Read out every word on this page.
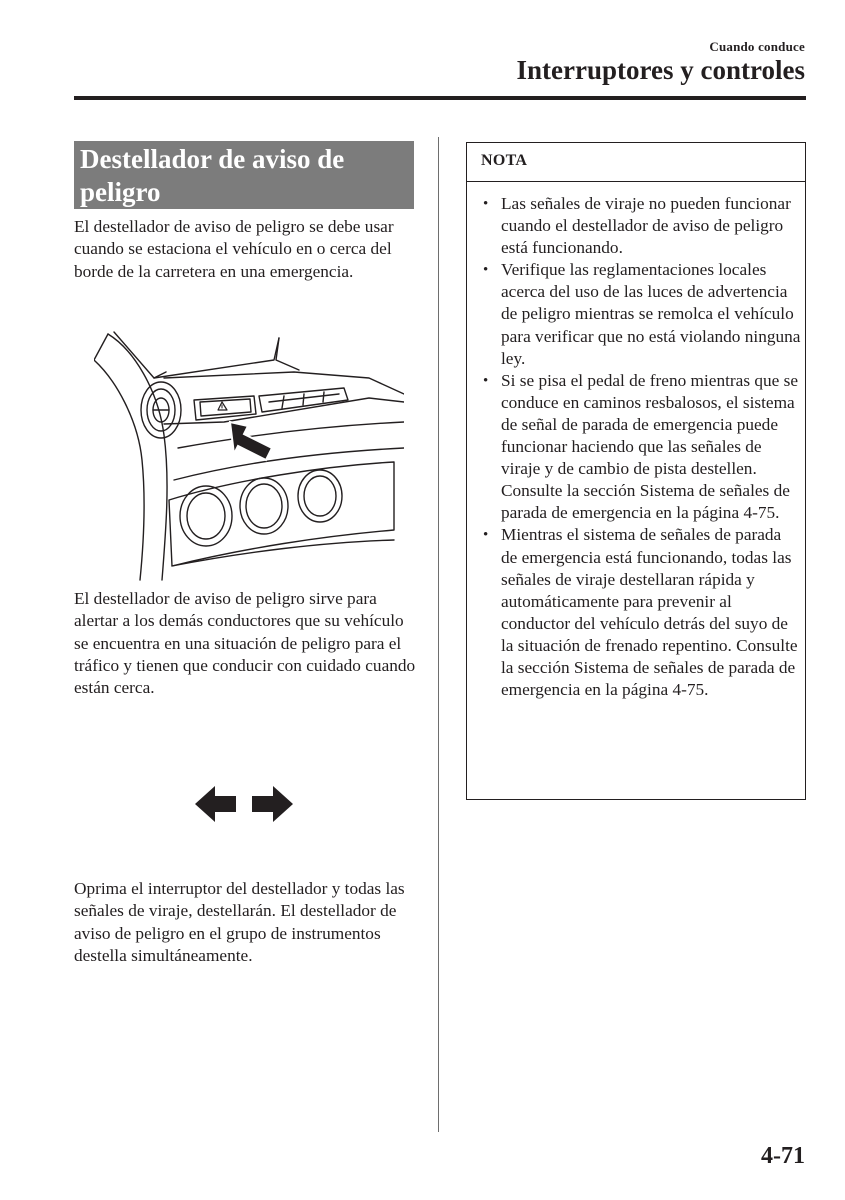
Cuando conduce
Interruptores y controles
Destellador de aviso de peligro
El destellador de aviso de peligro se debe usar cuando se estaciona el vehículo en o cerca del borde de la carretera en una emergencia.
El destellador de aviso de peligro sirve para alertar a los demás conductores que su vehículo se encuentra en una situación de peligro para el tráfico y tienen que conducir con cuidado cuando están cerca.
Oprima el interruptor del destellador y todas las señales de viraje, destellarán. El destellador de aviso de peligro en el grupo de instrumentos destella simultáneamente.
NOTA
• Las señales de viraje no pueden funcionar cuando el destellador de aviso de peligro está funcionando.
• Verifique las reglamentaciones locales acerca del uso de las luces de advertencia de peligro mientras se remolca el vehículo para verificar que no está violando ninguna ley.
• Si se pisa el pedal de freno mientras que se conduce en caminos resbalosos, el sistema de señal de parada de emergencia puede funcionar haciendo que las señales de viraje y de cambio de pista destellen. Consulte la sección Sistema de señales de parada de emergencia en la página 4-75.
• Mientras el sistema de señales de parada de emergencia está funcionando, todas las señales de viraje destellaran rápida y automáticamente para prevenir al conductor del vehículo detrás del suyo de la situación de frenado repentino. Consulte la sección Sistema de señales de parada de emergencia en la página 4-75.
4-71
